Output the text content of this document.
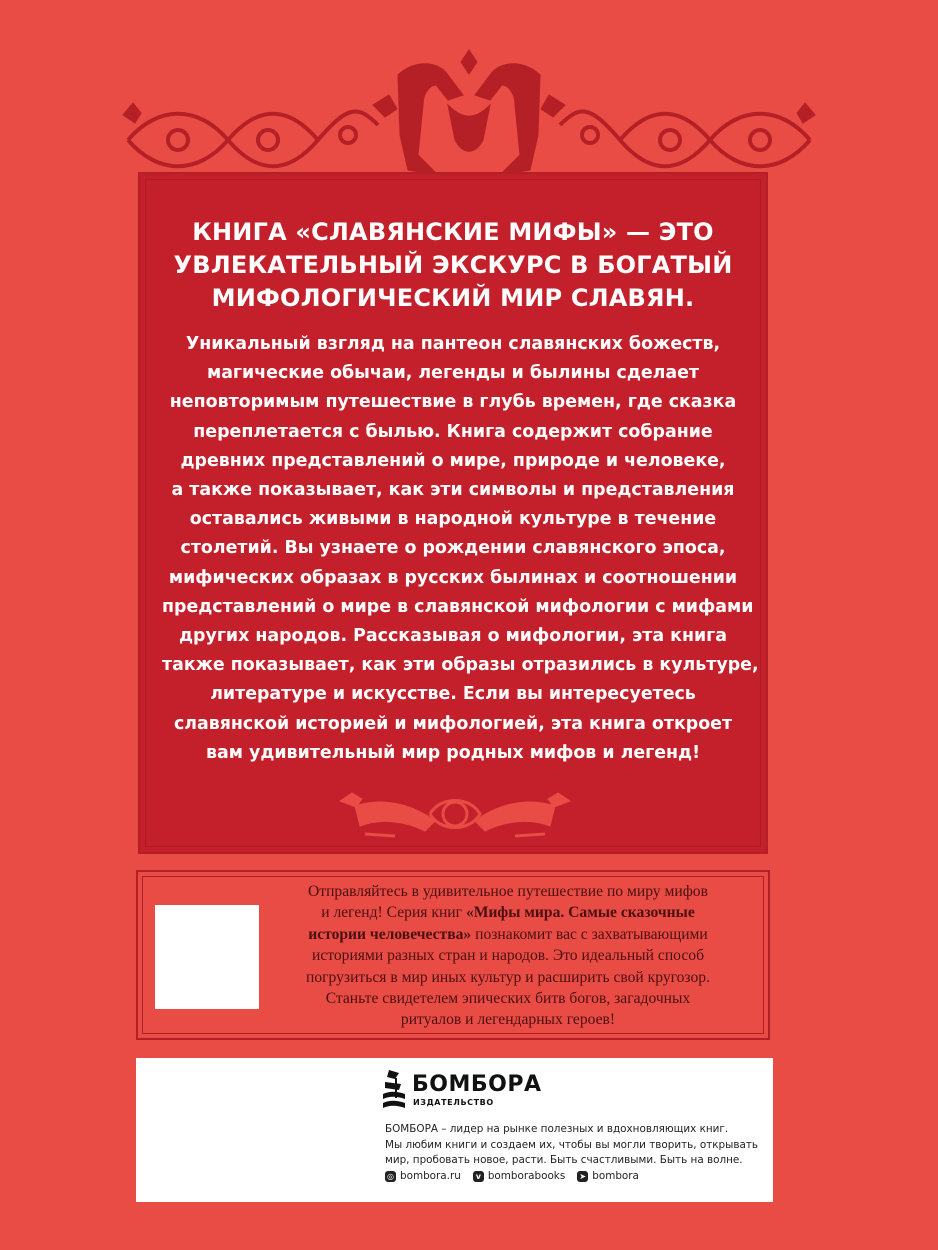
КНИГА «СЛАВЯНСКИЕ МИФЫ» — ЭТО
УВЛЕКАТЕЛЬНЫЙ ЭКСКУРС В БОГАТЫЙ
МИФОЛОГИЧЕСКИЙ МИР СЛАВЯН.
Уникальный взгляд на пантеон славянских божеств,
магические обычаи, легенды и былины сделает
неповторимым путешествие в глубь времен, где сказка
переплетается с былью. Книга содержит собрание
древних представлений о мире, природе и человеке,
а также показывает, как эти символы и представления
оставались живыми в народной культуре в течение
столетий. Вы узнаете о рождении славянского эпоса,
мифических образах в русских былинах и соотношении
представлений о мире в славянской мифологии с мифами
других народов. Рассказывая о мифологии, эта книга
также показывает, как эти образы отразились в культуре,
литературе и искусстве. Если вы интересуетесь
славянской историей и мифологией, эта книга откроет
вам удивительный мир родных мифов и легенд!
Отправляйтесь в удивительное путешествие по миру мифов
и легенд! Серия книг «Мифы мира. Самые сказочные
истории человечества» познакомит вас с захватывающими
историями разных стран и народов. Это идеальный способ
погрузиться в мир иных культур и расширить свой кругозор.
Станьте свидетелем эпических битв богов, загадочных
ритуалов и легендарных героев!
БОМБОРА
ИЗДАТЕЛЬСТВО
БОМБОРА – лидер на рынке полезных и вдохновляющих книг.
Мы любим книги и создаем их, чтобы вы могли творить, открывать
мир, пробовать новое, расти. Быть счастливыми. Быть на волне.
◎ bombora.ru	v bomborabooks ➤ bombora
